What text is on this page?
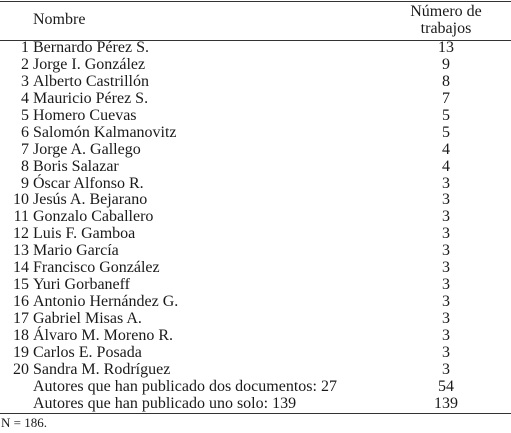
Nombre	Número de
trabajos
1 Bernardo Pérez S.	13
2 Jorge I. González	9
3 Alberto Castrillón	8
4 Mauricio Pérez S.	7
5 Homero Cuevas	5
6 Salomón Kalmanovitz	5
7 Jorge A. Gallego	4
8 Boris Salazar	4
9 Óscar Alfonso R.	3
10 Jesús A. Bejarano	3
11 Gonzalo Caballero	3
12 Luis F. Gamboa	3
13 Mario García	3
14 Francisco González	3
15 Yuri Gorbaneff	3
16 Antonio Hernández G.	3
17 Gabriel Misas A.	3
18 Álvaro M. Moreno R.	3
19 Carlos E. Posada	3
20 Sandra M. Rodríguez	3
Autores que han publicado dos documentos: 27	54
Autores que han publicado uno solo: 139	139
N = 186.
